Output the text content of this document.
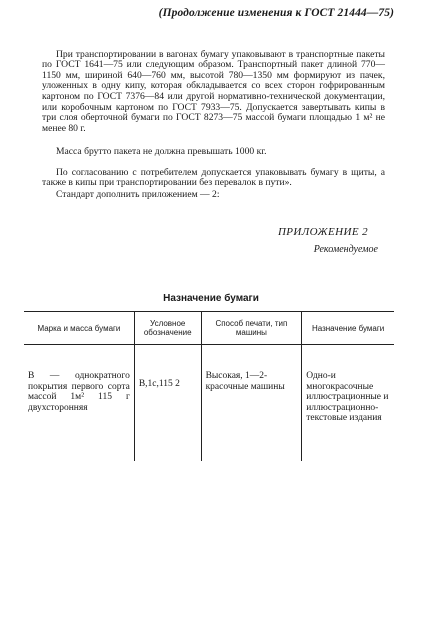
(Продолжение изменения к ГОСТ 21444—75)

При транспортировании в вагонах бумагу упаковывают в транспортные пакеты по ГОСТ 1641—75 или следующим образом. Транспортный пакет длиной 770—1150 мм, шириной 640—760 мм, высотой 780—1350 мм формируют из пачек, уложенных в одну кипу, которая обкладывается со всех сторон гофрированным картоном по ГОСТ 7376—84 или другой нормативно-технической документации, или коробочным картоном по ГОСТ 7933—75. Допускается завертывать кипы в три слоя оберточной бумаги по ГОСТ 8273—75 массой бумаги площадью 1 м² не менее 80 г.

Масса брутто пакета не должна превышать 1000 кг.

По согласованию с потребителем допускается упаковывать бумагу в щиты, а также в кипы при транспортировании без перевалок в пути».

Стандарт дополнить приложением — 2:

ПРИЛОЖЕНИЕ 2
Рекомендуемое
Назначение бумаги
Марка и масса бумаги	Условное обозначение	Способ печати, тип машины	Назначение бумаги
В — однократного покрытия первого сорта массой 1м² 115 г двухсторонняя	В,1с,115 2	Высокая, 1—2-красочные машины	Одно-и многокрасочные иллюстрационные и иллюстрационно-текстовые издания
